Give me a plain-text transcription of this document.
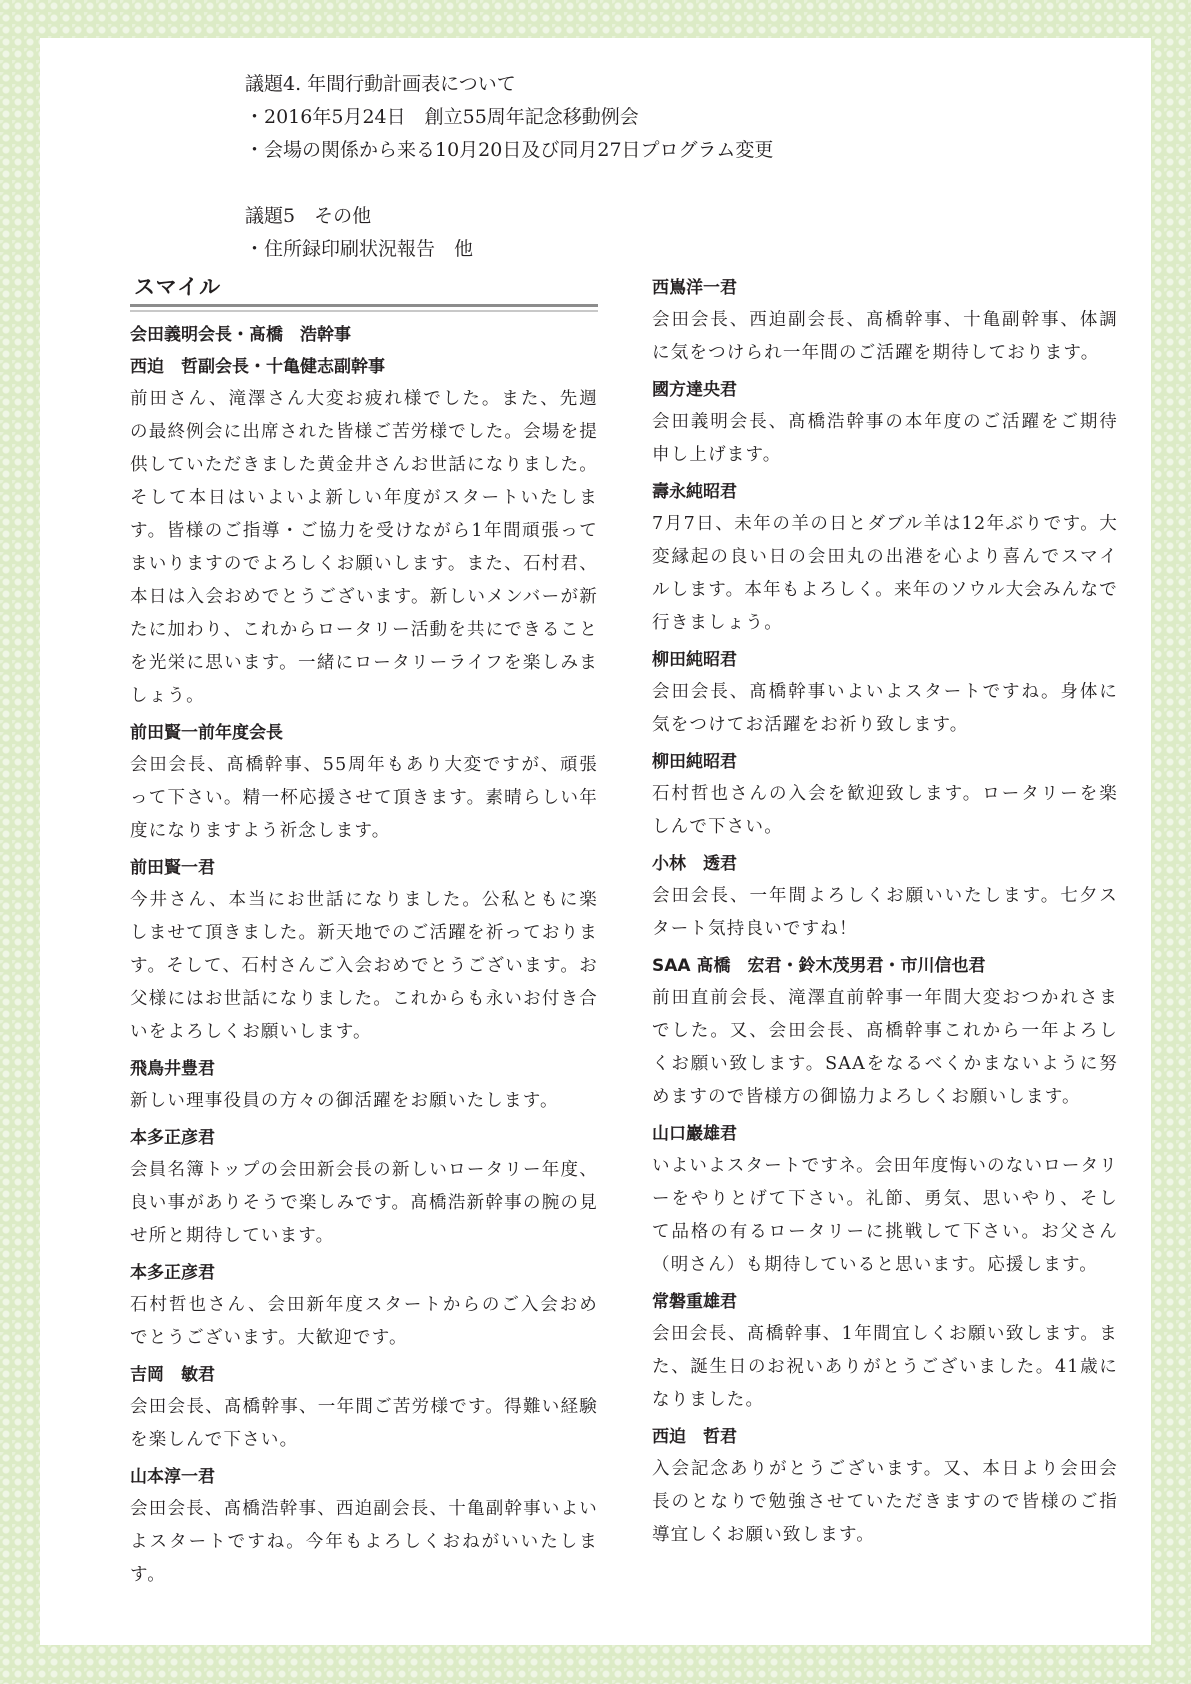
議題4. 年間行動計画表について
・2016年5月24日　創立55周年記念移動例会
・会場の関係から来る10月20日及び同月27日プログラム変更
議題5　その他
・住所録印刷状況報告　他
スマイル
会田義明会長・髙橋　浩幹事
西迫　哲副会長・十亀健志副幹事
前田さん、滝澤さん大変お疲れ様でした。また、先週の最終例会に出席された皆様ご苦労様でした。会場を提供していただきました黄金井さんお世話になりました。そして本日はいよいよ新しい年度がスタートいたします。皆様のご指導・ご協力を受けながら1年間頑張ってまいりますのでよろしくお願いします。また、石村君、本日は入会おめでとうございます。新しいメンバーが新たに加わり、これからロータリー活動を共にできることを光栄に思います。一緒にロータリーライフを楽しみましょう。
前田賢一前年度会長
会田会長、髙橋幹事、55周年もあり大変ですが、頑張って下さい。精一杯応援させて頂きます。素晴らしい年度になりますよう祈念します。
前田賢一君
今井さん、本当にお世話になりました。公私ともに楽しませて頂きました。新天地でのご活躍を祈っております。そして、石村さんご入会おめでとうございます。お父様にはお世話になりました。これからも永いお付き合いをよろしくお願いします。
飛鳥井豊君
新しい理事役員の方々の御活躍をお願いたします。
本多正彦君
会員名簿トップの会田新会長の新しいロータリー年度、良い事がありそうで楽しみです。髙橋浩新幹事の腕の見せ所と期待しています。
本多正彦君
石村哲也さん、会田新年度スタートからのご入会おめでとうございます。大歓迎です。
吉岡　敏君
会田会長、髙橋幹事、一年間ご苦労様です。得難い経験を楽しんで下さい。
山本淳一君
会田会長、髙橋浩幹事、西迫副会長、十亀副幹事いよいよスタートですね。今年もよろしくおねがいいたします。
西嶌洋一君
会田会長、西迫副会長、髙橋幹事、十亀副幹事、体調に気をつけられ一年間のご活躍を期待しております。
國方達央君
会田義明会長、髙橋浩幹事の本年度のご活躍をご期待申し上げます。
壽永純昭君
7月7日、未年の羊の日とダブル羊は12年ぶりです。大変縁起の良い日の会田丸の出港を心より喜んでスマイルします。本年もよろしく。来年のソウル大会みんなで行きましょう。
柳田純昭君
会田会長、髙橋幹事いよいよスタートですね。身体に気をつけてお活躍をお祈り致します。
柳田純昭君
石村哲也さんの入会を歓迎致します。ロータリーを楽しんで下さい。
小林　透君
会田会長、一年間よろしくお願いいたします。七夕スタート気持良いですね！
SAA 髙橋　宏君・鈴木茂男君・市川信也君
前田直前会長、滝澤直前幹事一年間大変おつかれさまでした。又、会田会長、髙橋幹事これから一年よろしくお願い致します。SAAをなるべくかまないように努めますので皆様方の御協力よろしくお願いします。
山口巖雄君
いよいよスタートですネ。会田年度悔いのないロータリーをやりとげて下さい。礼節、勇気、思いやり、そして品格の有るロータリーに挑戦して下さい。お父さん（明さん）も期待していると思います。応援します。
常磐重雄君
会田会長、髙橋幹事、1年間宜しくお願い致します。また、誕生日のお祝いありがとうございました。41歳になりました。
西迫　哲君
入会記念ありがとうございます。又、本日より会田会長のとなりで勉強させていただきますので皆様のご指導宜しくお願い致します。
